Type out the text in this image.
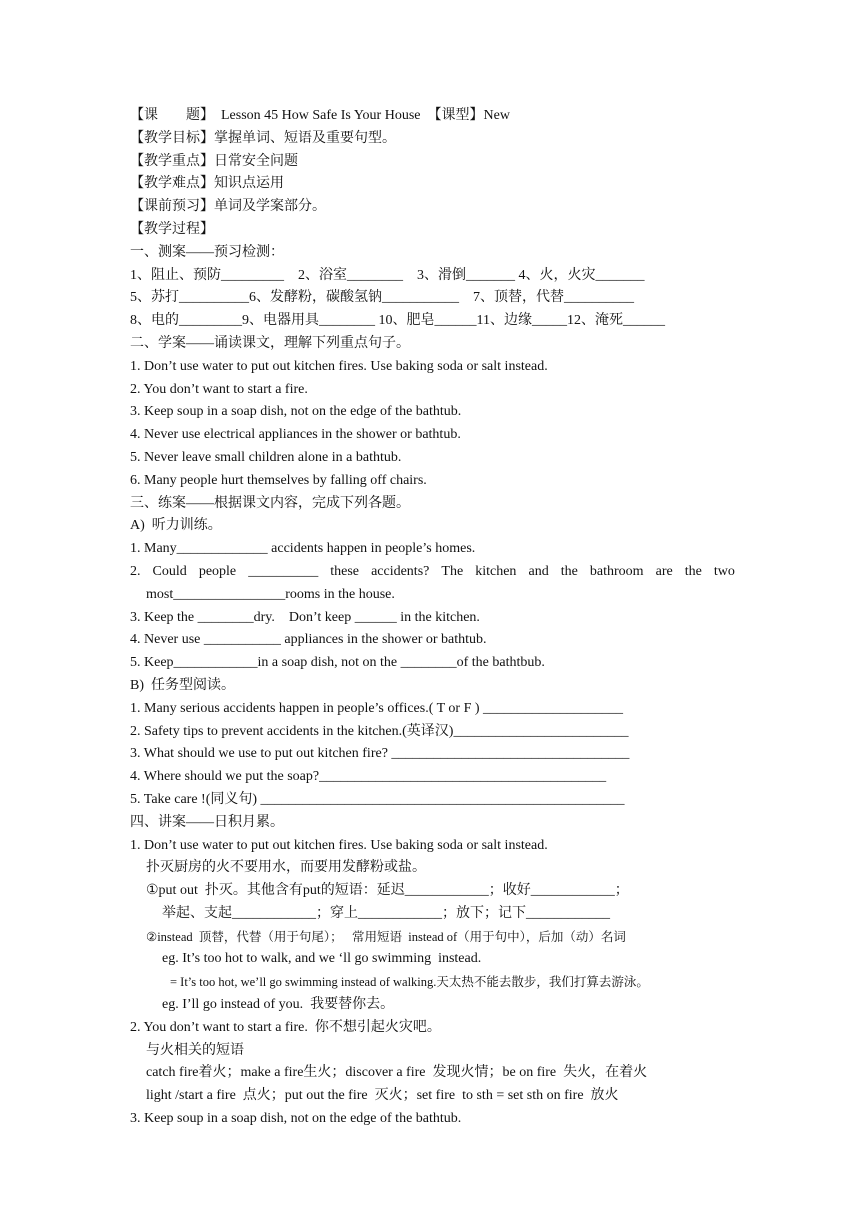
【课　　题】  Lesson 45 How Safe Is Your House  【课型】New
【教学目标】掌握单词、短语及重要句型。
【教学重点】日常安全问题
【教学难点】知识点运用
【课前预习】单词及学案部分。
【教学过程】
一、测案——预习检测：
1、阻止、预防_________    2、浴室________    3、滑倒_______ 4、火，火灾_______
5、苏打__________6、发酵粉，碳酸氢钠___________    7、顶替，代替__________
8、电的_________9、电器用具________ 10、肥皂______11、边缘_____12、淹死______
二、学案——诵读课文，理解下列重点句子。
1. Don’t use water to put out kitchen fires. Use baking soda or salt instead.
2. You don’t want to start a fire.
3. Keep soup in a soap dish, not on the edge of the bathtub.
4. Never use electrical appliances in the shower or bathtub.
5. Never leave small children alone in a bathtub.
6. Many people hurt themselves by falling off chairs.
三、练案——根据课文内容，完成下列各题。
A)  听力训练。
1. Many_____________ accidents happen in people’s homes.
2. Could people __________ these accidents? The kitchen and the bathroom are the two
most________________rooms in the house.
3. Keep the ________dry.    Don’t keep ______ in the kitchen.
4. Never use ___________ appliances in the shower or bathtub.
5. Keep____________in a soap dish, not on the ________of the bathtbub.
B)  任务型阅读。
1. Many serious accidents happen in people’s offices.( T or F ) ____________________
2. Safety tips to prevent accidents in the kitchen.(英译汉)_________________________
3. What should we use to put out kitchen fire? __________________________________
4. Where should we put the soap?_________________________________________
5. Take care !(同义句) ____________________________________________________
四、讲案——日积月累。
1. Don’t use water to put out kitchen fires. Use baking soda or salt instead.
扑灭厨房的火不要用水，而要用发酵粉或盐。
①put out  扑灭。其他含有put的短语：延迟____________；收好____________；
举起、支起____________；穿上____________；放下；记下____________
②instead  顶替，代替（用于句尾）；   常用短语  instead of（用于句中），后加（动）名词
eg. It’s too hot to walk, and we ‘ll go swimming  instead.
= It’s too hot, we’ll go swimming instead of walking.天太热不能去散步，我们打算去游泳。
eg. I’ll go instead of you.  我要替你去。
2. You don’t want to start a fire.  你不想引起火灾吧。
与火相关的短语
catch fire着火；make a fire生火；discover a fire  发现火情；be on fire  失火，在着火
light /start a fire  点火；put out the fire  灭火；set fire  to sth = set sth on fire  放火
3. Keep soup in a soap dish, not on the edge of the bathtub.
